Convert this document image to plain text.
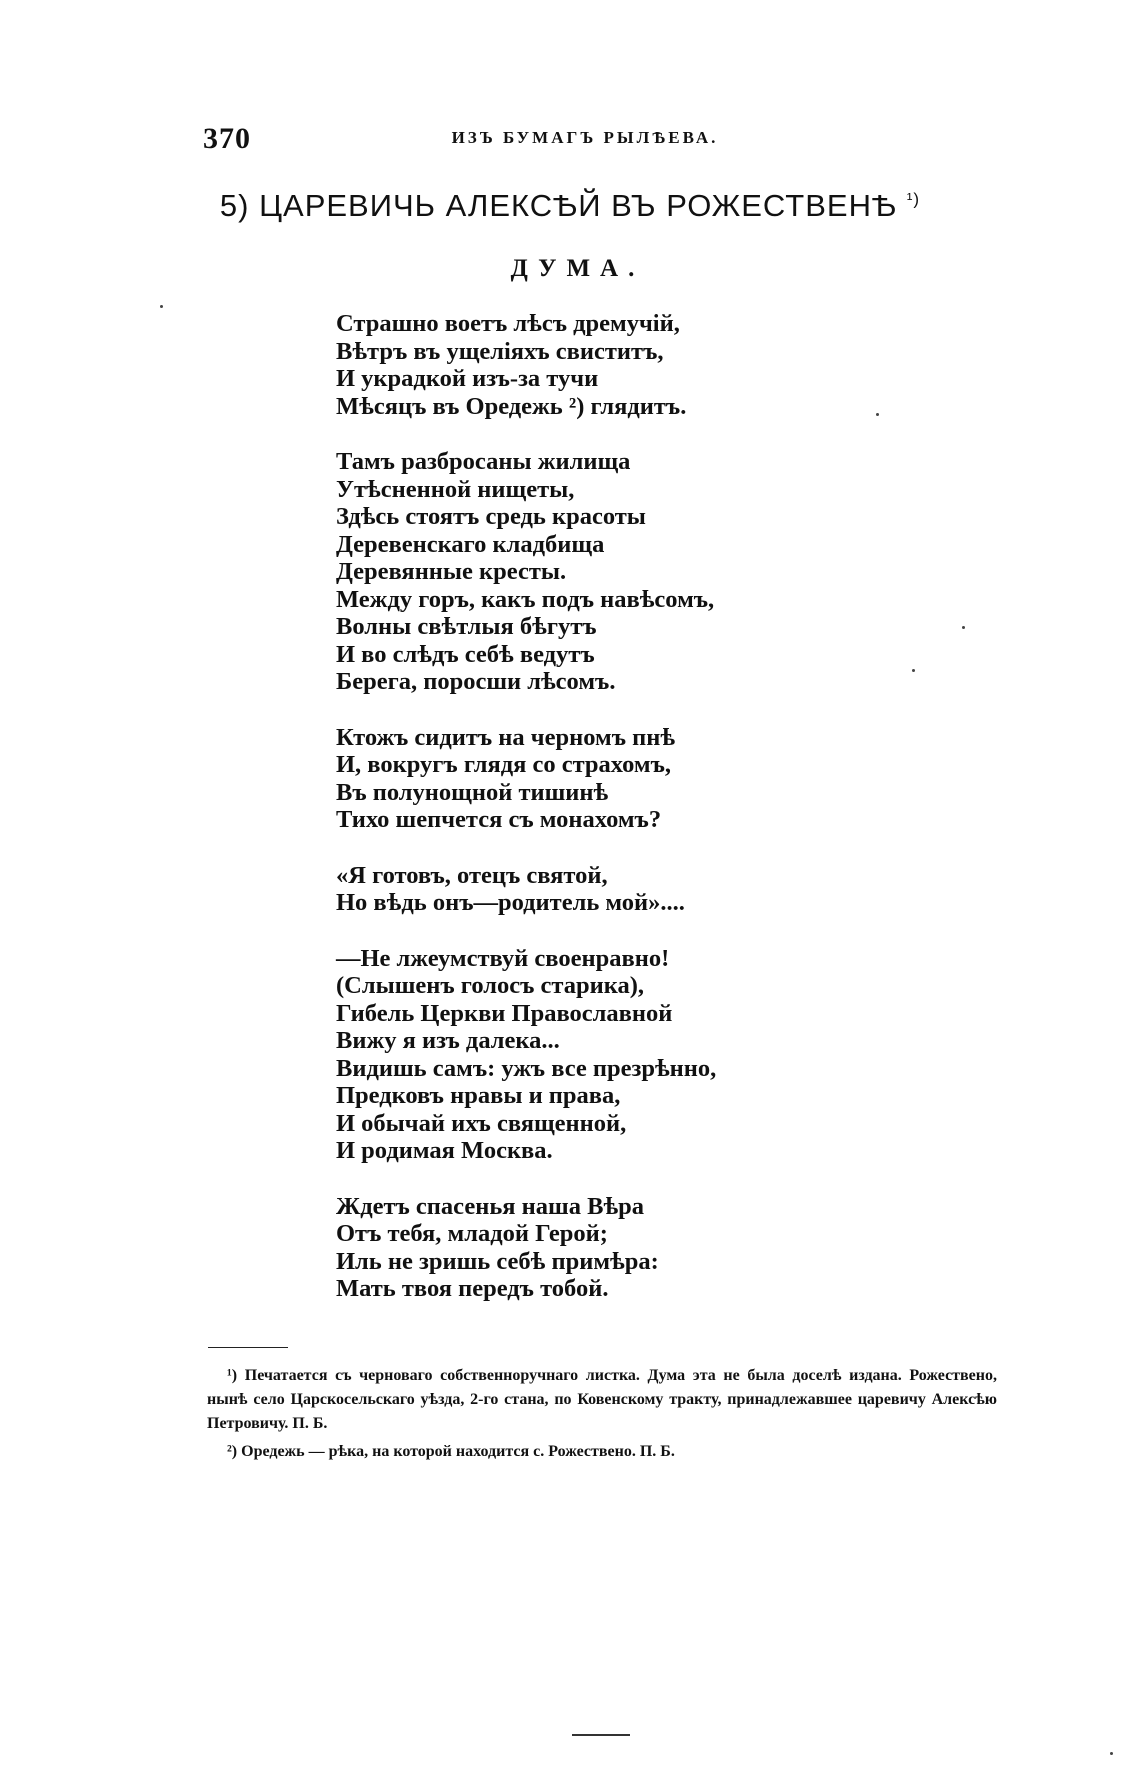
370	ИЗЪ БУМАГЪ РЫЛѢЕВА.
5) ЦАРЕВИЧЬ АЛЕКСѢЙ ВЪ РОЖЕСТВЕНѢ $^{^1)}$
ДУМА.
Страшно воетъ лѣсъ дремучій,
Вѣтръ въ ущеліяхъ свиститъ,
И украдкой изъ-за тучи
Мѣсяцъ въ Оредежь ²) глядитъ.
Тамъ разбросаны жилища
Утѣсненной нищеты,
Здѣсь стоятъ средь красоты
Деревенскаго кладбища
Деревянные кресты.
Между горъ, какъ подъ навѣсомъ,
Волны свѣтлыя бѣгутъ
И во слѣдъ себѣ ведутъ
Берега, поросши лѣсомъ.
Ктожъ сидитъ на черномъ пнѣ
И, вокругъ глядя со страхомъ,
Въ полунощной тишинѣ
Тихо шепчется съ монахомъ?
«Я готовъ, отецъ святой,
Но вѣдь онъ—родитель мой»....
—Не лжеумствуй своенравно!
(Слышенъ голосъ старика),
Гибель Церкви Православной
Вижу я изъ далека...
Видишь самъ: ужъ все презрѣнно,
Предковъ нравы и права,
И обычай ихъ священной,
И родимая Москва.
Ждетъ спасенья наша Вѣра
Отъ тебя, младой Герой;
Иль не зришь себѣ примѣра:
Мать твоя передъ тобой.

¹) Печатается съ черноваго собственноручнаго листка. Дума эта не была доселѣ издана. Рожествено, нынѣ село Царскосельскаго уѣзда, 2-го стана, по Ковенскому тракту, принадлежавшее царевичу Алексѣю Петровичу. П. Б.

²) Оредежь — рѣка, на которой находится с. Рожествено. П. Б.
